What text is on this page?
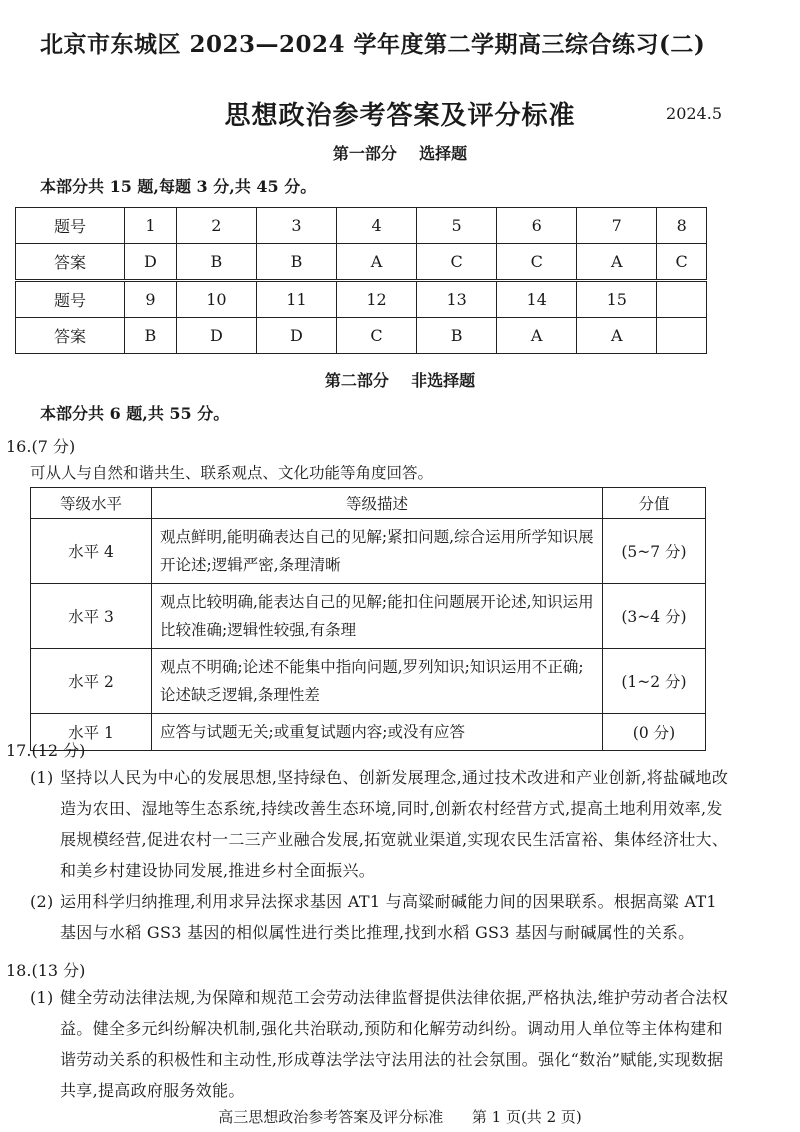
北京市东城区 2023—2024 学年度第二学期高三综合练习(二)
思想政治参考答案及评分标准	2024.5
第一部分    选择题
本部分共 15 题,每题 3 分,共 45 分。
题号	1	2	3	4	5	6	7	8
答案	D	B	B	A	C	C	A	C
题号	9	10	11	12	13	14	15	
答案	B	D	D	C	B	A	A	
第二部分    非选择题
本部分共 6 题,共 55 分。
16.(7 分)
可从人与自然和谐共生、联系观点、文化功能等角度回答。
等级水平	等级描述	分值
水平 4	观点鲜明,能明确表达自己的见解;紧扣问题,综合运用所学知识展开论述;逻辑严密,条理清晰	(5~7 分)
水平 3	观点比较明确,能表达自己的见解;能扣住问题展开论述,知识运用比较准确;逻辑性较强,有条理	(3~4 分)
水平 2	观点不明确;论述不能集中指向问题,罗列知识;知识运用不正确;论述缺乏逻辑,条理性差	(1~2 分)
水平 1	应答与试题无关;或重复试题内容;或没有应答	(0 分)
17.(12 分)
(1) 坚持以人民为中心的发展思想,坚持绿色、创新发展理念,通过技术改进和产业创新,将盐碱地改造为农田、湿地等生态系统,持续改善生态环境,同时,创新农村经营方式,提高土地利用效率,发展规模经营,促进农村一二三产业融合发展,拓宽就业渠道,实现农民生活富裕、集体经济壮大、和美乡村建设协同发展,推进乡村全面振兴。
(2) 运用科学归纳推理,利用求异法探求基因 AT1 与高粱耐碱能力间的因果联系。根据高粱 AT1 基因与水稻 GS3 基因的相似属性进行类比推理,找到水稻 GS3 基因与耐碱属性的关系。
18.(13 分)
(1) 健全劳动法律法规,为保障和规范工会劳动法律监督提供法律依据,严格执法,维护劳动者合法权益。健全多元纠纷解决机制,强化共治联动,预防和化解劳动纠纷。调动用人单位等主体构建和谐劳动关系的积极性和主动性,形成尊法学法守法用法的社会氛围。强化“数治”赋能,实现数据共享,提高政府服务效能。
高三思想政治参考答案及评分标准 第 1 页(共 2 页)
